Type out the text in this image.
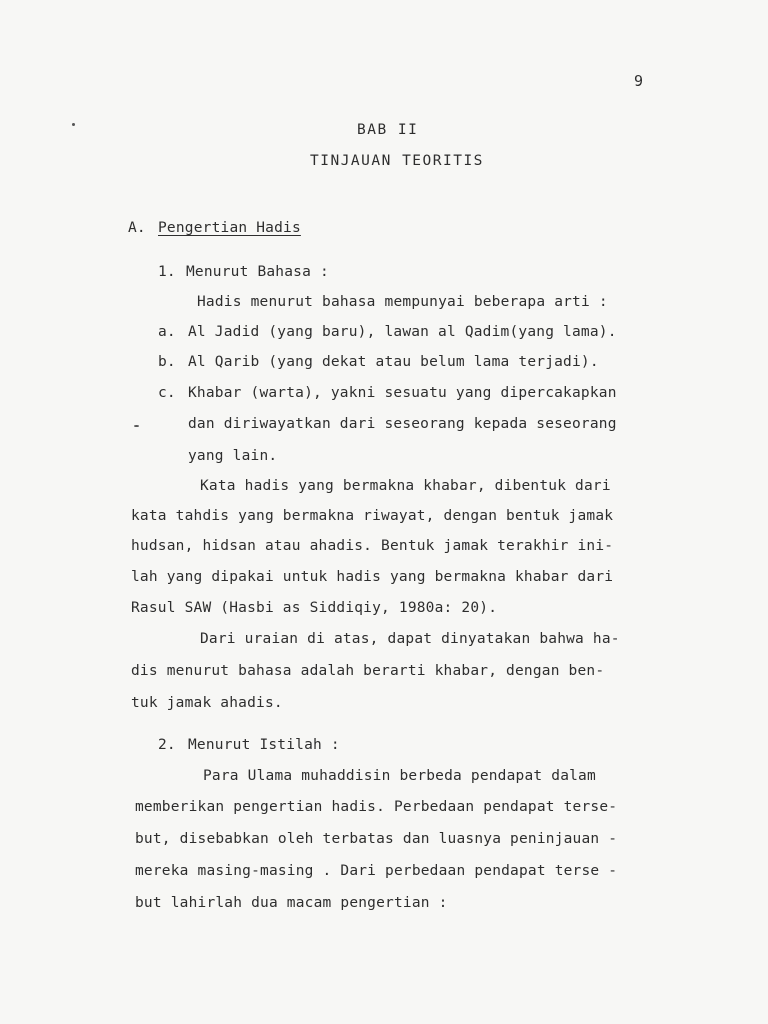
9
BAB II
TINJAUAN TEORITIS
A. Pengertian Hadis
1. Menurut Bahasa :
Hadis menurut bahasa mempunyai beberapa arti :
a. Al Jadid (yang baru), lawan al Qadim(yang lama).
b. Al Qarib (yang dekat atau belum lama terjadi).
c. Khabar (warta), yakni sesuatu yang dipercakapkan
dan diriwayatkan dari seseorang kepada seseorang
yang lain.
Kata hadis yang bermakna khabar, dibentuk dari
kata tahdis yang bermakna riwayat, dengan bentuk jamak
hudsan, hidsan atau ahadis. Bentuk jamak terakhir ini-
lah yang dipakai untuk hadis yang bermakna khabar dari
Rasul SAW (Hasbi as Siddiqiy, 1980a: 20).
Dari uraian di atas, dapat dinyatakan bahwa ha-
dis menurut bahasa adalah berarti khabar, dengan ben-
tuk jamak ahadis.
2. Menurut Istilah :
Para Ulama muhaddisin berbeda pendapat dalam
memberikan pengertian hadis. Perbedaan pendapat terse-
but, disebabkan oleh terbatas dan luasnya peninjauan -
mereka masing-masing . Dari perbedaan pendapat terse -
but lahirlah dua macam pengertian :
